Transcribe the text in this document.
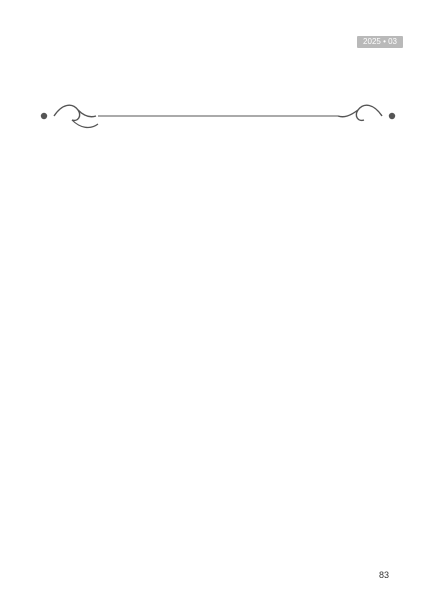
2025 • 03
83
